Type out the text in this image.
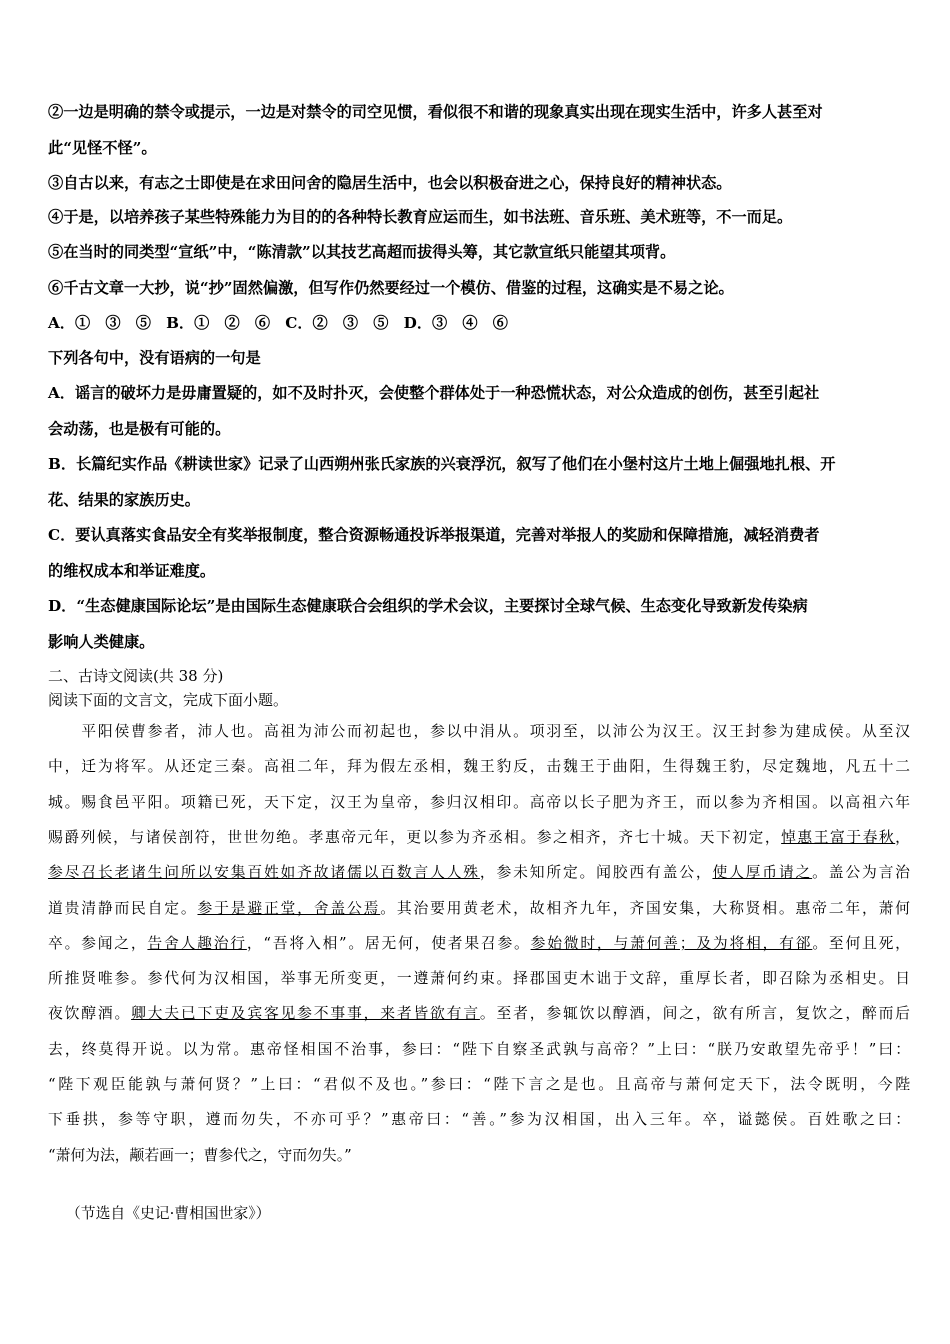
②一边是明确的禁令或提示，一边是对禁令的司空见惯，看似很不和谐的现象真实出现在现实生活中，许多人甚至对
此“见怪不怪”。
③自古以来，有志之士即使是在求田问舍的隐居生活中，也会以积极奋进之心，保持良好的精神状态。
④于是，以培养孩子某些特殊能力为目的的各种特长教育应运而生，如书法班、音乐班、美术班等，不一而足。
⑤在当时的同类型“宣纸”中，“陈清款”以其技艺高超而拔得头筹，其它款宣纸只能望其项背。
⑥千古文章一大抄，说“抄”固然偏激，但写作仍然要经过一个模仿、借鉴的过程，这确实是不易之论。
A．①　③　⑤　B．①　②　⑥　C．②　③　⑤　D．③　④　⑥
下列各句中，没有语病的一句是
A．谣言的破坏力是毋庸置疑的，如不及时扑灭，会使整个群体处于一种恐慌状态，对公众造成的创伤，甚至引起社
会动荡，也是极有可能的。
B．长篇纪实作品《耕读世家》记录了山西朔州张氏家族的兴衰浮沉，叙写了他们在小堡村这片土地上倔强地扎根、开
花、结果的家族历史。
C．要认真落实食品安全有奖举报制度，整合资源畅通投诉举报渠道，完善对举报人的奖励和保障措施，减轻消费者
的维权成本和举证难度。
D．“生态健康国际论坛”是由国际生态健康联合会组织的学术会议，主要探讨全球气候、生态变化导致新发传染病
影响人类健康。
二、古诗文阅读(共 38 分)
阅读下面的文言文，完成下面小题。
　　平阳侯曹参者，沛人也。高祖为沛公而初起也，参以中涓从。项羽至，以沛公为汉王。汉王封参为建成侯。从至汉
中，迁为将军。从还定三秦。高祖二年，拜为假左丞相，魏王豹反，击魏王于曲阳，生得魏王豹，尽定魏地，凡五十二
城。赐食邑平阳。项籍已死，天下定，汉王为皇帝，参归汉相印。高帝以长子肥为齐王，而以参为齐相国。以高祖六年
赐爵列候，与诸侯剖符，世世勿绝。孝惠帝元年，更以参为齐丞相。参之相齐，齐七十城。天下初定，悼惠王富于春秋，
参尽召长老诸生问所以安集百姓如齐故诸儒以百数言人人殊，参未知所定。闻胶西有盖公，使人厚币请之。盖公为言治
道贵清静而民自定。参于是避正堂，舍盖公焉。其治要用黄老术，故相齐九年，齐国安集，大称贤相。惠帝二年，萧何
卒。参闻之，告舍人趣治行，“吾将入相”。居无何，使者果召参。参始微时，与萧何善；及为将相，有郤。至何且死，
所推贤唯参。参代何为汉相国，举事无所变更，一遵萧何约束。择郡国吏木诎于文辞，重厚长者，即召除为丞相史。日
夜饮醇酒。卿大夫已下吏及宾客见参不事事，来者皆欲有言。至者，参辄饮以醇酒，间之，欲有所言，复饮之，醉而后
去，终莫得开说。以为常。惠帝怪相国不治事，参曰：“陛下自察圣武孰与高帝？”上曰：“朕乃安敢望先帝乎！”曰：
“陛下观臣能孰与萧何贤？”上曰：“君似不及也。”参曰：“陛下言之是也。且高帝与萧何定天下，法令既明，今陛
下垂拱，参等守职，遵而勿失，不亦可乎？”惠帝曰：“善。”参为汉相国，出入三年。卒，谥懿侯。百姓歌之曰：
“萧何为法，颟若画一；曹参代之，守而勿失。”
（节选自《史记·曹相国世家》）
